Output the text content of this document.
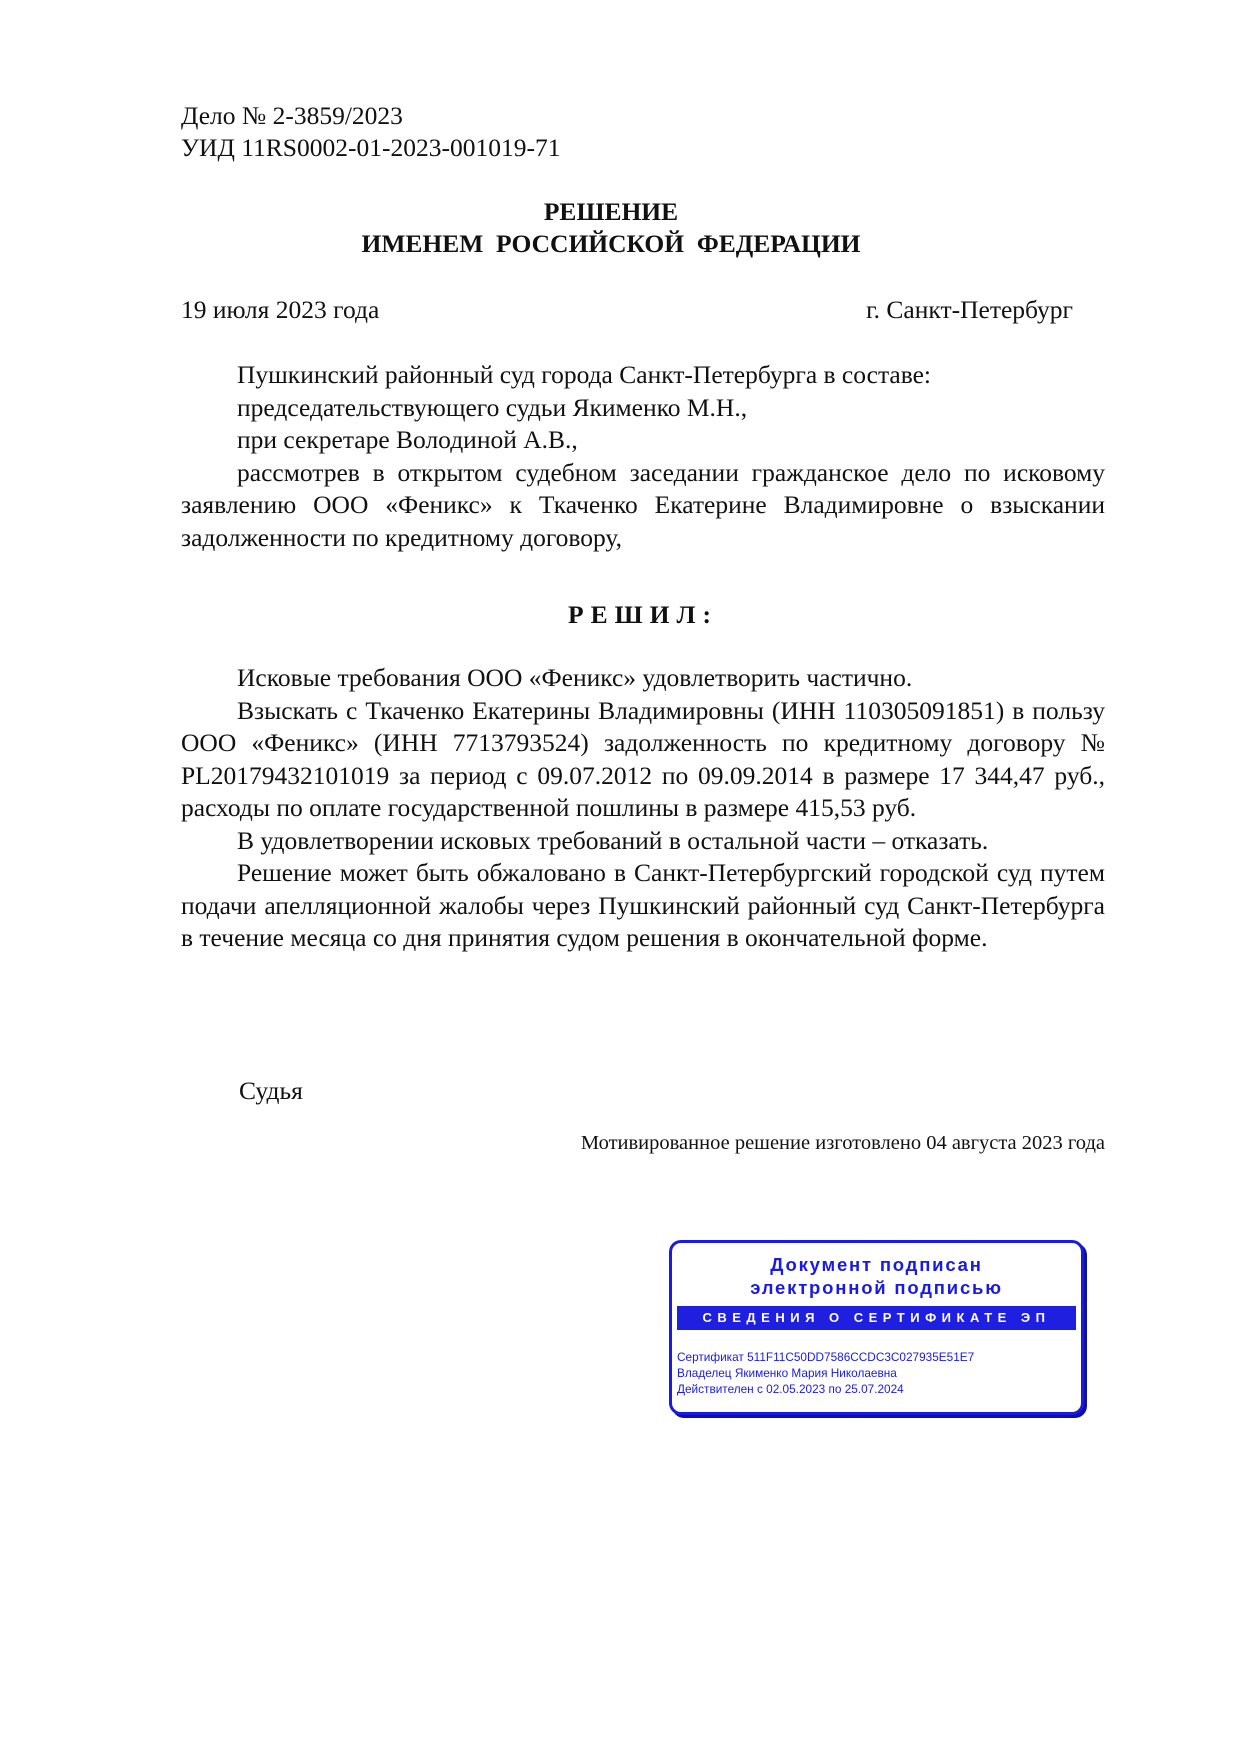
Дело № 2-3859/2023
УИД 11RS0002-01-2023-001019-71
РЕШЕНИЕ
ИМЕНЕМ  РОССИЙСКОЙ  ФЕДЕРАЦИИ
19 июля 2023 года	г. Санкт-Петербург
Пушкинский районный суд города Санкт-Петербурга в составе:
председательствующего судьи Якименко М.Н.,
при секретаре Володиной А.В.,
рассмотрев в открытом судебном заседании гражданское дело по исковому заявлению ООО «Феникс» к Ткаченко Екатерине Владимировне о взыскании задолженности по кредитному договору,
РЕШИЛ:

Исковые требования ООО «Феникс» удовлетворить частично.

Взыскать с Ткаченко Екатерины Владимировны (ИНН 110305091851) в пользу ООО «Феникс» (ИНН 7713793524) задолженность по кредитному договору № PL20179432101019 за период с 09.07.2012 по 09.09.2014 в размере 17 344,47 руб., расходы по оплате государственной пошлины в размере 415,53 руб.

В удовлетворении исковых требований в остальной части – отказать.

Решение может быть обжаловано в Санкт-Петербургский городской суд путем подачи апелляционной жалобы через Пушкинский районный суд Санкт-Петербурга в течение месяца со дня принятия судом решения в окончательной форме.

Судья
Мотивированное решение изготовлено 04 августа 2023 года
Документ подписан
электронной подписью
СВЕДЕНИЯ О СЕРТИФИКАТЕ ЭП
Сертификат 511F11C50DD7586CCDC3C027935E51E7
Владелец Якименко Мария Николаевна
Действителен с 02.05.2023 по 25.07.2024
